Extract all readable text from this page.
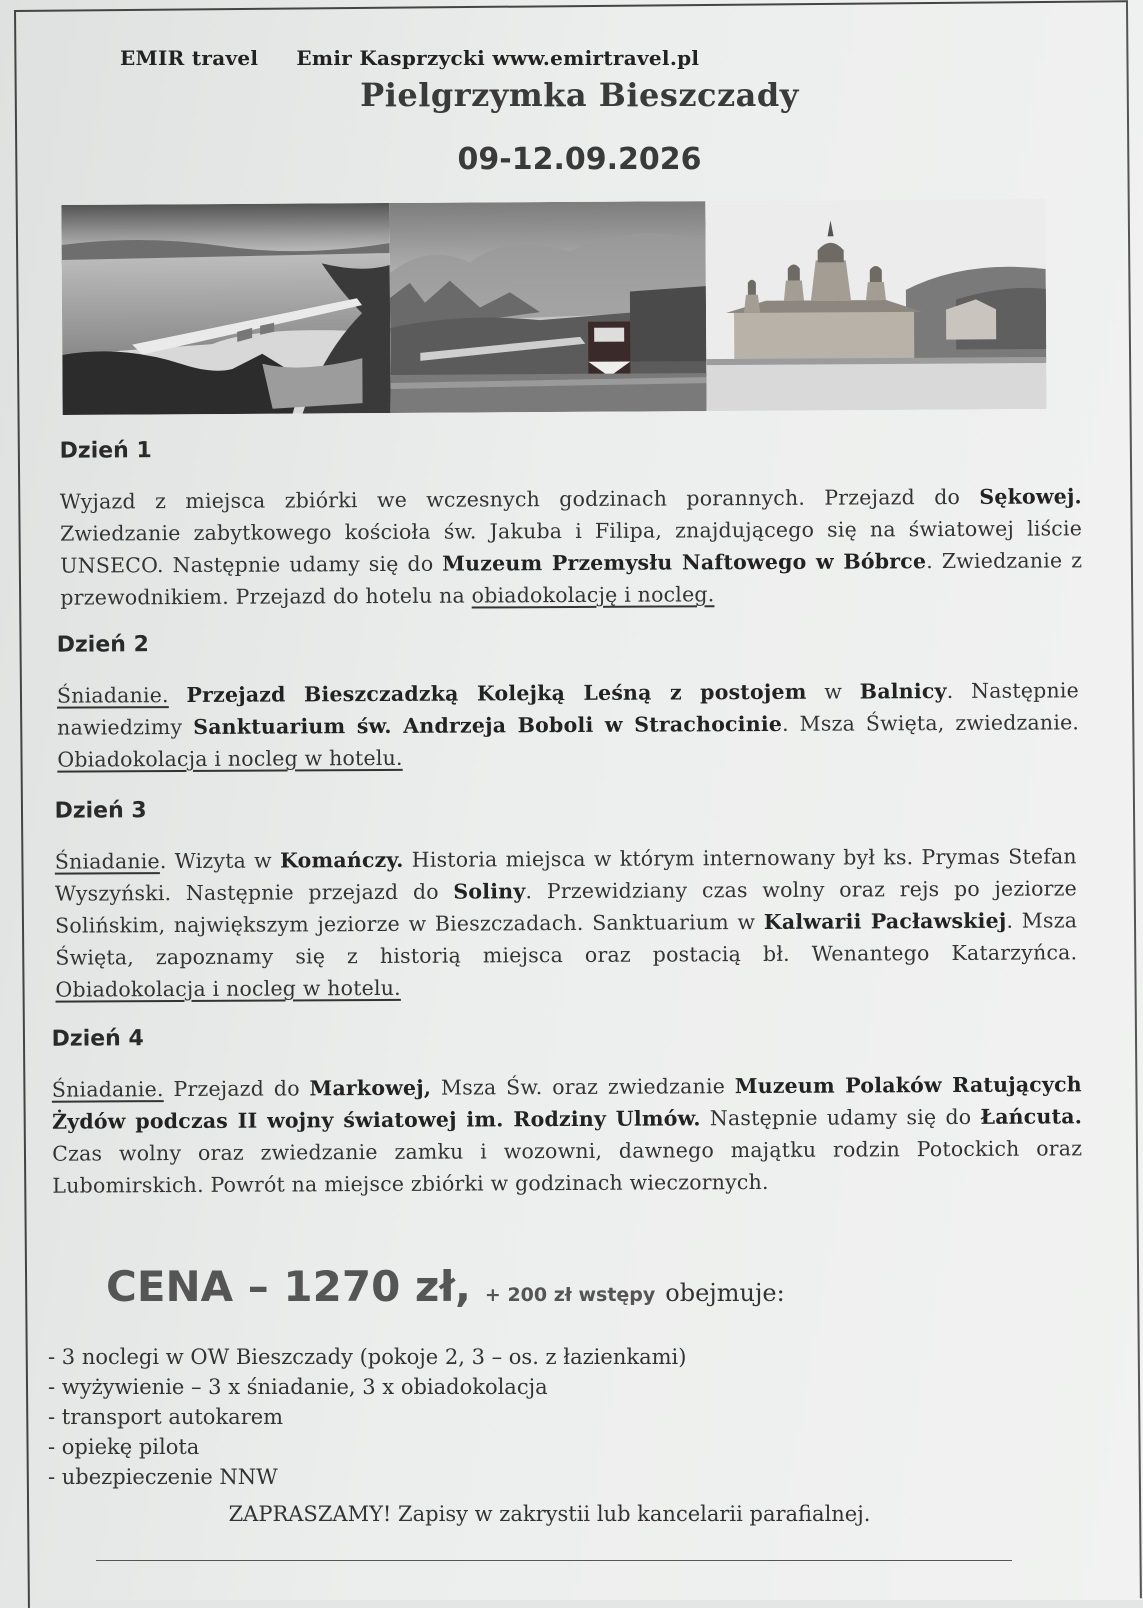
EMIR travel Emir Kasprzycki www.emirtravel.pl
Pielgrzymka Bieszczady
09-12.09.2026
Dzień 1

Wyjazd z miejsca zbiórki we wczesnych godzinach porannych. Przejazd do Sękowej. Zwiedzanie zabytkowego kościoła św. Jakuba i Filipa, znajdującego się na światowej liście UNSECO. Następnie udamy się do Muzeum Przemysłu Naftowego w Bóbrce. Zwiedzanie z przewodnikiem. Przejazd do hotelu na obiadokolację i nocleg.

Dzień 2

Śniadanie. Przejazd Bieszczadzką Kolejką Leśną z postojem w Balnicy. Następnie nawiedzimy Sanktuarium św. Andrzeja Boboli w Strachocinie. Msza Święta, zwiedzanie. Obiadokolacja i nocleg w hotelu.

Dzień 3

Śniadanie. Wizyta w Komańczy. Historia miejsca w którym internowany był ks. Prymas Stefan Wyszyński. Następnie przejazd do Soliny. Przewidziany czas wolny oraz rejs po jeziorze Solińskim, największym jeziorze w Bieszczadach. Sanktuarium w Kalwarii Pacławskiej. Msza Święta, zapoznamy się z historią miejsca oraz postacią bł. Wenantego Katarzyńca. Obiadokolacja i nocleg w hotelu.

Dzień 4

Śniadanie. Przejazd do Markowej, Msza Św. oraz zwiedzanie Muzeum Polaków Ratujących Żydów podczas II wojny światowej im. Rodziny Ulmów. Następnie udamy się do Łańcuta. Czas wolny oraz zwiedzanie zamku i wozowni, dawnego majątku rodzin Potockich oraz Lubomirskich. Powrót na miejsce zbiórki w godzinach wieczornych.

CENA – 1270 zł, + 200 zł wstępy obejmuje:
- 3 noclegi w OW Bieszczady (pokoje 2, 3 – os. z łazienkami)
- wyżywienie – 3 x śniadanie, 3 x obiadokolacja
- transport autokarem
- opiekę pilota
- ubezpieczenie NNW
ZAPRASZAMY! Zapisy w zakrystii lub kancelarii parafialnej.
